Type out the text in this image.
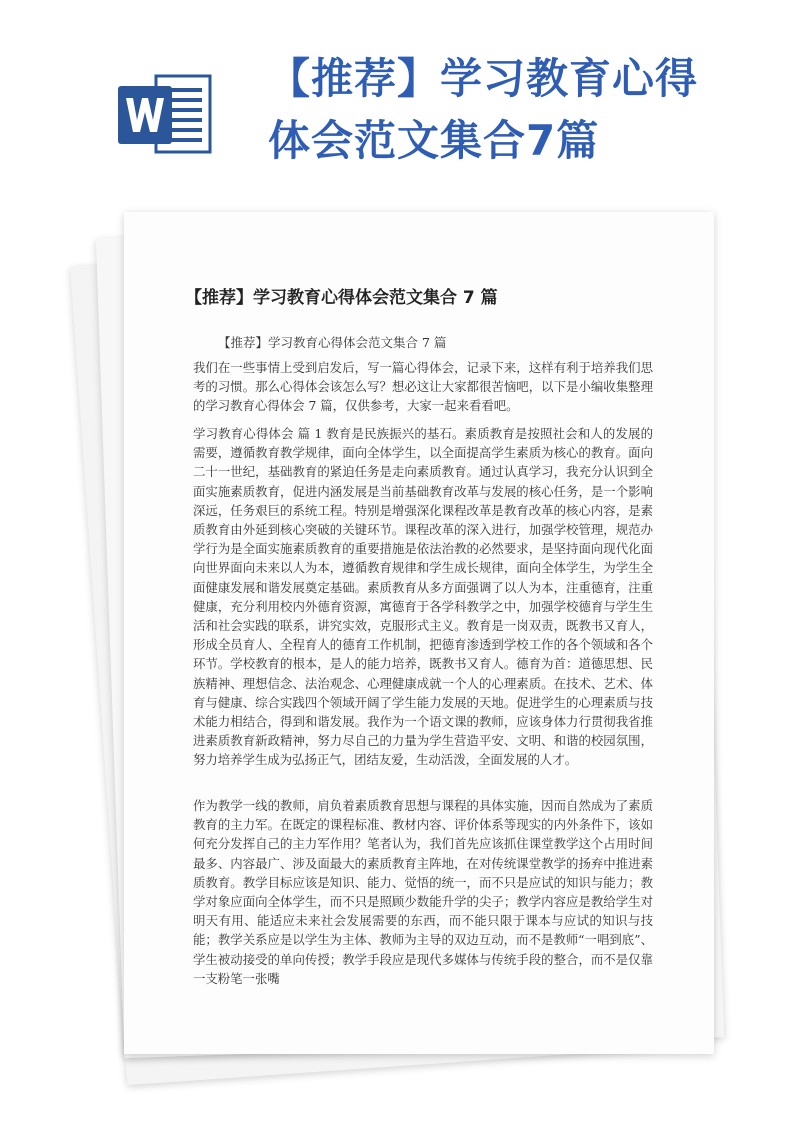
【推荐】学习教育心得
体会范文集合7篇
【推荐】学习教育心得体会范文集合 7 篇
【推荐】学习教育心得体会范文集合 7 篇

我们在一些事情上受到启发后，写一篇心得体会，记录下来，这样有利于培养我们思考的习惯。那么心得体会该怎么写？想必这让大家都很苦恼吧，以下是小编收集整理的学习教育心得体会 7 篇，仅供参考，大家一起来看看吧。

学习教育心得体会 篇 1 教育是民族振兴的基石。素质教育是按照社会和人的发展的需要，遵循教育教学规律，面向全体学生，以全面提高学生素质为核心的教育。面向二十一世纪，基础教育的紧迫任务是走向素质教育。通过认真学习，我充分认识到全面实施素质教育，促进内涵发展是当前基础教育改革与发展的核心任务，是一个影响深远，任务艰巨的系统工程。特别是增强深化课程改革是教育改革的核心内容，是素质教育由外延到核心突破的关键环节。课程改革的深入进行，加强学校管理，规范办学行为是全面实施素质教育的重要措施是依法治教的必然要求，是坚持面向现代化面向世界面向未来以人为本，遵循教育规律和学生成长规律，面向全体学生，为学生全面健康发展和谐发展奠定基础。素质教育从多方面强调了以人为本，注重德育，注重健康，充分利用校内外德育资源，寓德育于各学科教学之中，加强学校德育与学生生活和社会实践的联系，讲究实效，克服形式主义。教育是一岗双责，既教书又育人，形成全员育人、全程育人的德育工作机制，把德育渗透到学校工作的各个领域和各个环节。学校教育的根本，是人的能力培养，既教书又育人。德育为首：道德思想、民族精神、理想信念、法治观念、心理健康成就一个人的心理素质。在技术、艺术、体育与健康、综合实践四个领域开阔了学生能力发展的天地。促进学生的心理素质与技术能力相结合，得到和谐发展。我作为一个语文课的教师，应该身体力行贯彻我省推进素质教育新政精神，努力尽自己的力量为学生营造平安、文明、和谐的校园氛围，努力培养学生成为弘扬正气，团结友爱，生动活泼，全面发展的人才。

作为教学一线的教师，肩负着素质教育思想与课程的具体实施，因而自然成为了素质教育的主力军。在既定的课程标准、教材内容、评价体系等现实的内外条件下，该如何充分发挥自己的主力军作用？笔者认为，我们首先应该抓住课堂教学这个占用时间最多、内容最广、涉及面最大的素质教育主阵地，在对传统课堂教学的扬弃中推进素质教育。教学目标应该是知识、能力、觉悟的统一，而不只是应试的知识与能力；教学对象应面向全体学生，而不只是照顾少数能升学的尖子；教学内容应是教给学生对明天有用、能适应未来社会发展需要的东西，而不能只限于课本与应试的知识与技能；教学关系应是以学生为主体、教师为主导的双边互动，而不是教师“一唱到底”、学生被动接受的单向传授；教学手段应是现代多媒体与传统手段的整合，而不是仅靠一支粉笔一张嘴
